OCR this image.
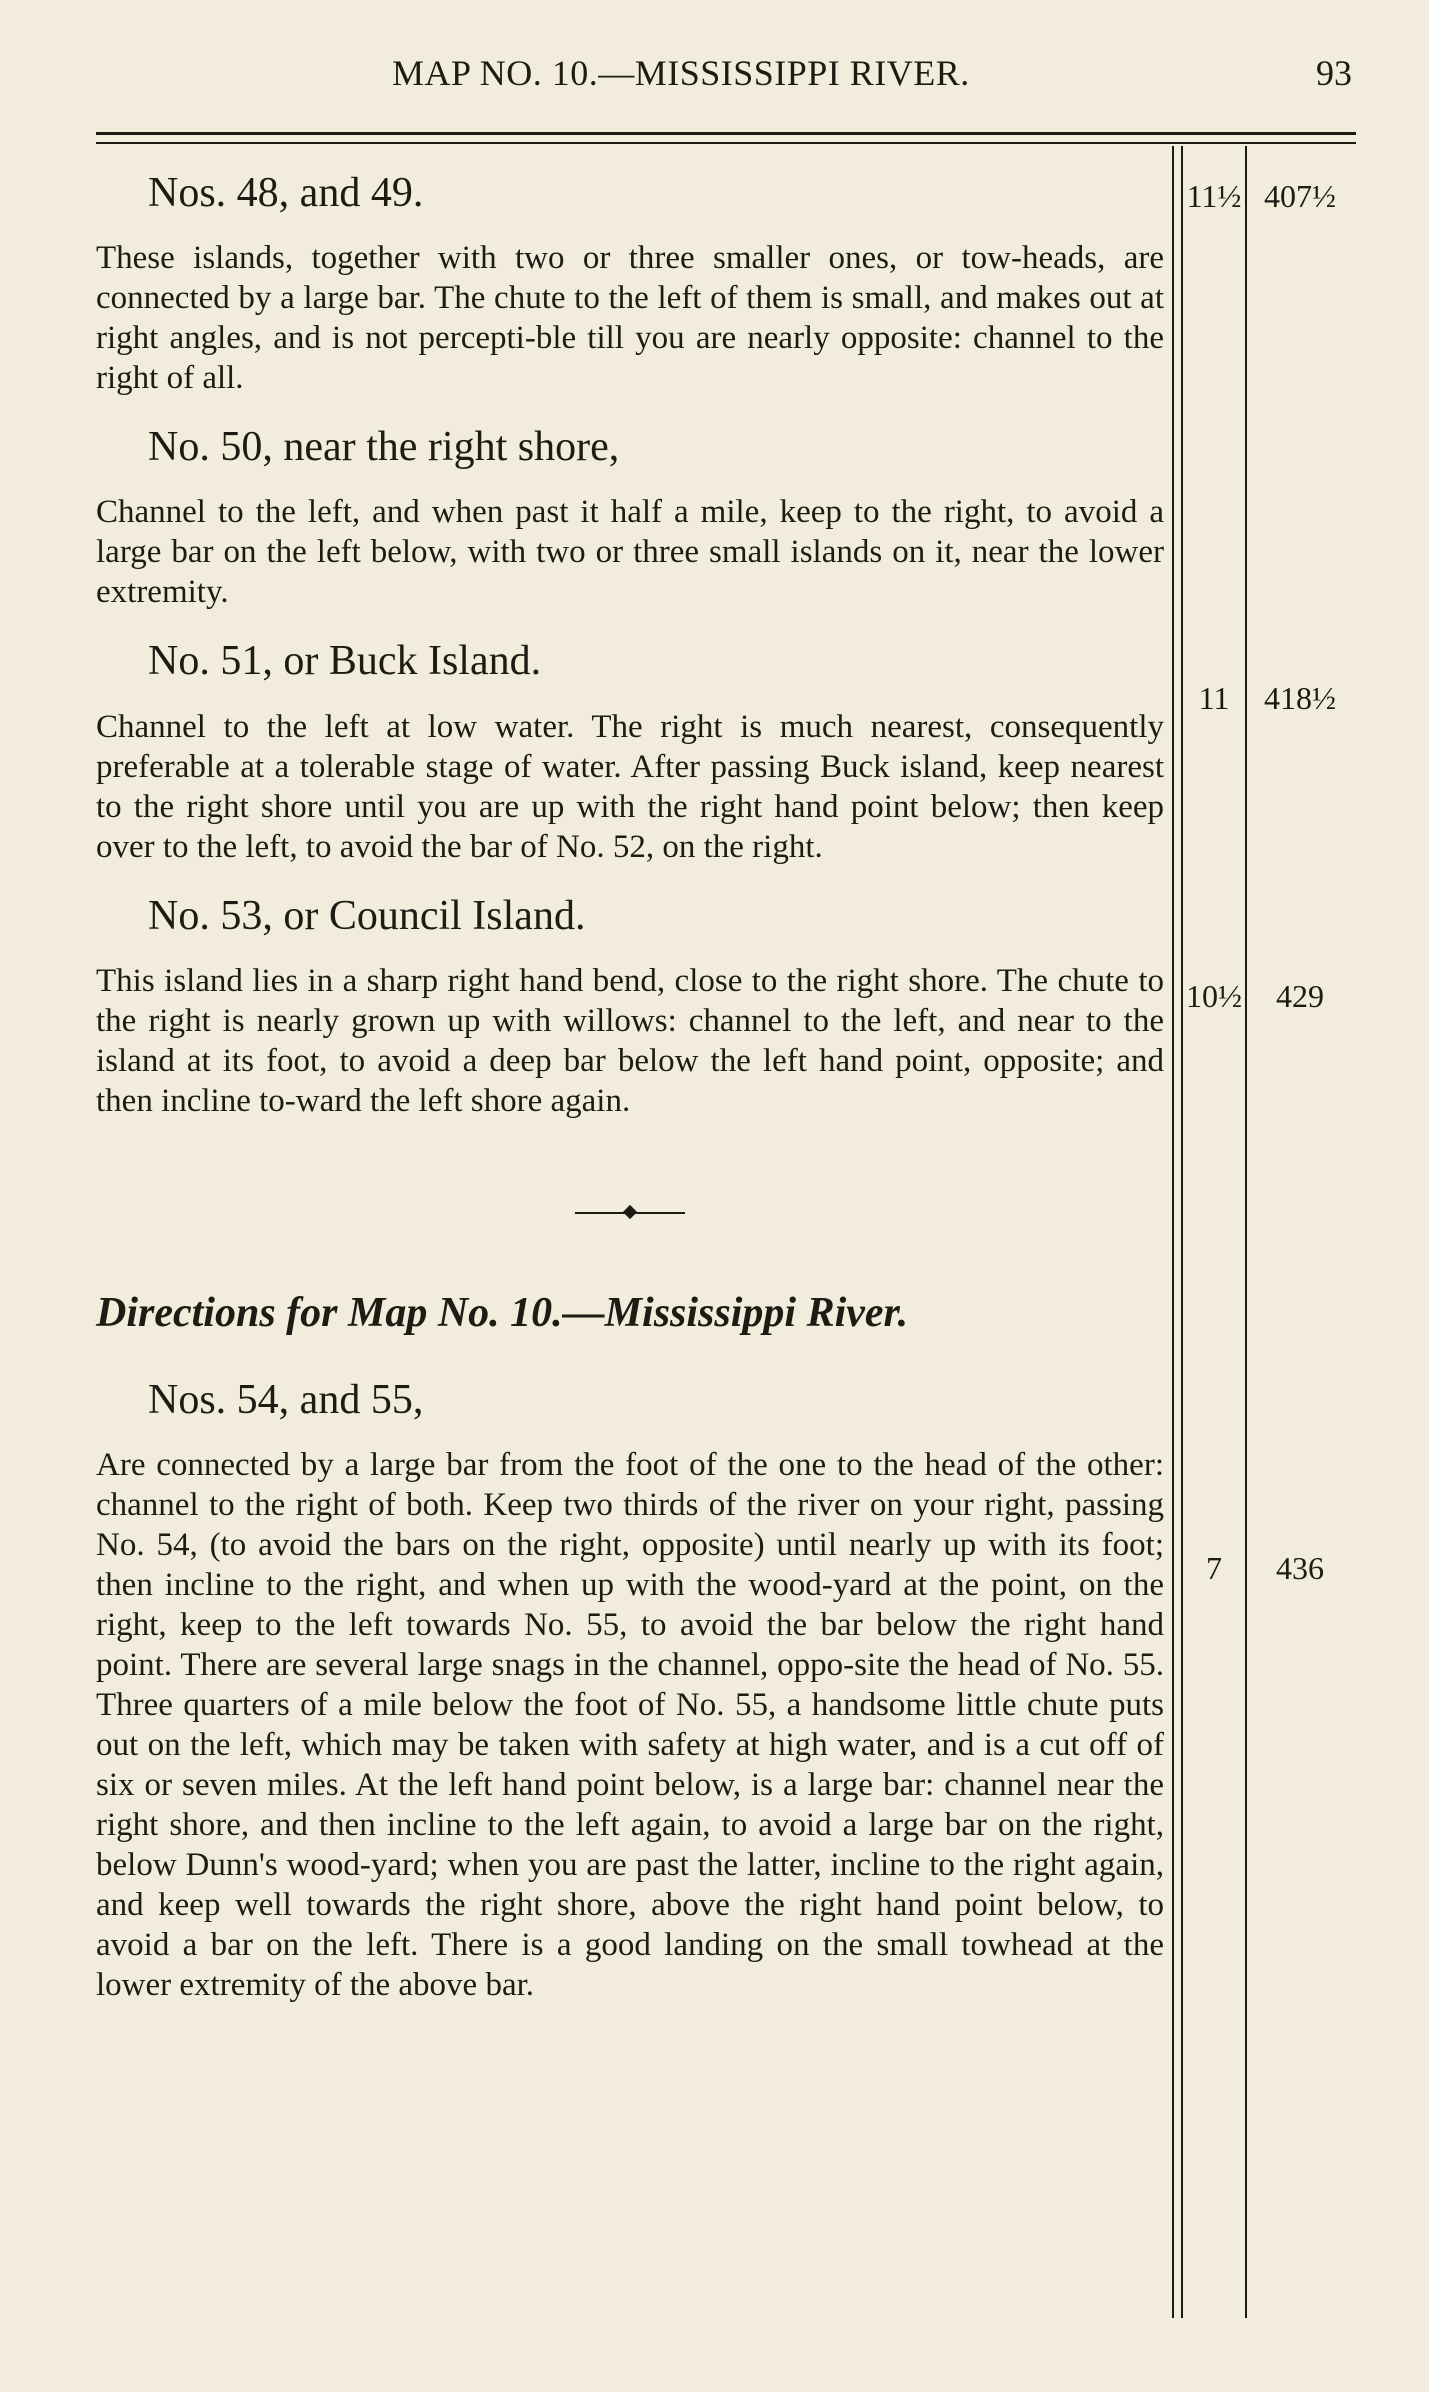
MAP NO. 10.—MISSISSIPPI RIVER.	93
Nos. 48, and 49.

These islands, together with two or three smaller ones, or tow-heads, are connected by a large bar. The chute to the left of them is small, and makes out at right angles, and is not percepti-ble till you are nearly opposite: channel to the right of all.

No. 50, near the right shore,

Channel to the left, and when past it half a mile, keep to the right, to avoid a large bar on the left below, with two or three small islands on it, near the lower extremity.

No. 51, or Buck Island.

Channel to the left at low water. The right is much nearest, consequently preferable at a tolerable stage of water. After passing Buck island, keep nearest to the right shore until you are up with the right hand point below; then keep over to the left, to avoid the bar of No. 52, on the right.

No. 53, or Council Island.

This island lies in a sharp right hand bend, close to the right shore. The chute to the right is nearly grown up with willows: channel to the left, and near to the island at its foot, to avoid a deep bar below the left hand point, opposite; and then incline to-ward the left shore again.

Directions for Map No. 10.—Mississippi River.
Nos. 54, and 55,

Are connected by a large bar from the foot of the one to the head of the other: channel to the right of both. Keep two thirds of the river on your right, passing No. 54, (to avoid the bars on the right, opposite) until nearly up with its foot; then incline to the right, and when up with the wood-yard at the point, on the right, keep to the left towards No. 55, to avoid the bar below the right hand point. There are several large snags in the channel, oppo-site the head of No. 55. Three quarters of a mile below the foot of No. 55, a handsome little chute puts out on the left, which may be taken with safety at high water, and is a cut off of six or seven miles. At the left hand point below, is a large bar: channel near the right shore, and then incline to the left again, to avoid a large bar on the right, below Dunn's wood-yard; when you are past the latter, incline to the right again, and keep well towards the right shore, above the right hand point below, to avoid a bar on the left. There is a good landing on the small towhead at the lower extremity of the above bar.

11½ 407½
11	418½
10½	429
7	436
